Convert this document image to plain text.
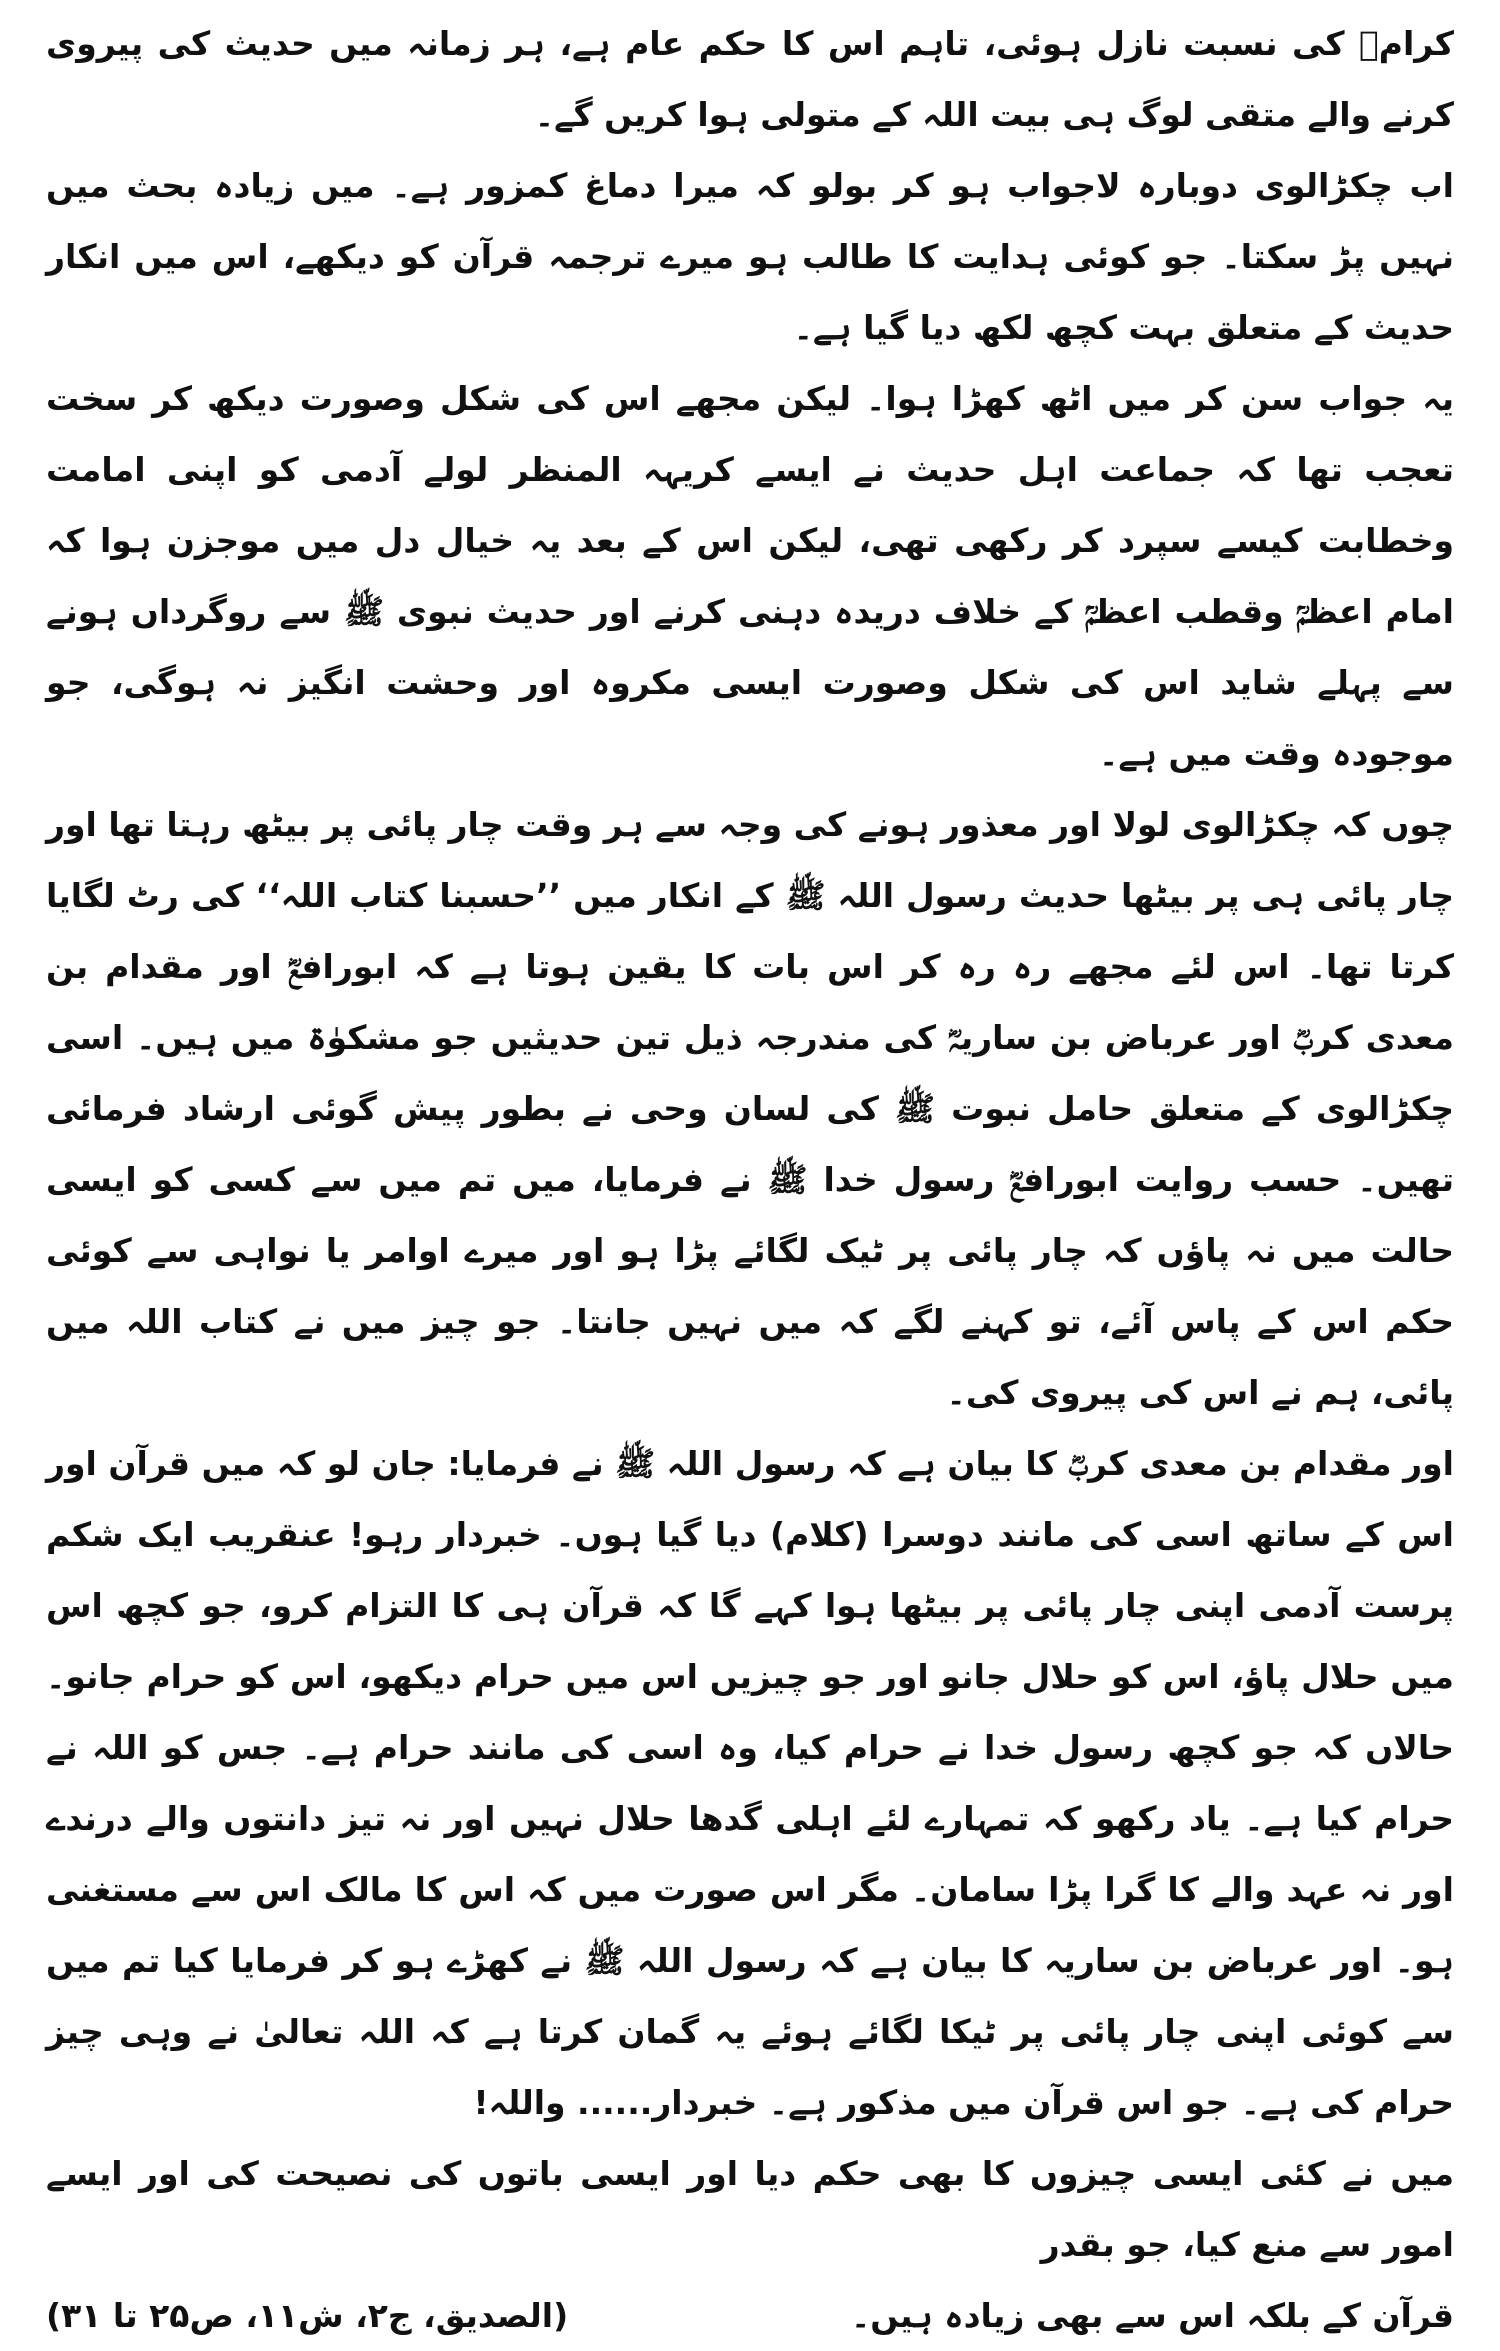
کرامؓ کی نسبت نازل ہوئی، تاہم اس کا حکم عام ہے، ہر زمانہ میں حدیث کی پیروی کرنے والے متقی لوگ ہی بیت اللہ کے متولی ہوا کریں گے۔

اب چکڑالوی دوبارہ لاجواب ہو کر بولو کہ میرا دماغ کمزور ہے۔ میں زیادہ بحث میں نہیں پڑ سکتا۔ جو کوئی ہدایت کا طالب ہو میرے ترجمہ قرآن کو دیکھے، اس میں انکار حدیث کے متعلق بہت کچھ لکھ دیا گیا ہے۔

یہ جواب سن کر میں اٹھ کھڑا ہوا۔ لیکن مجھے اس کی شکل وصورت دیکھ کر سخت تعجب تھا کہ جماعت اہل حدیث نے ایسے کریہہ المنظر لولے آدمی کو اپنی امامت وخطابت کیسے سپرد کر رکھی تھی، لیکن اس کے بعد یہ خیال دل میں موجزن ہوا کہ امام اعظمؒ وقطب اعظمؒ کے خلاف دریدہ دہنی کرنے اور حدیث نبوی ﷺ سے روگرداں ہونے سے پہلے شاید اس کی شکل وصورت ایسی مکروہ اور وحشت انگیز نہ ہوگی، جو موجودہ وقت میں ہے۔

چوں کہ چکڑالوی لولا اور معذور ہونے کی وجہ سے ہر وقت چار پائی پر بیٹھ رہتا تھا اور چار پائی ہی پر بیٹھا حدیث رسول اللہ ﷺ کے انکار میں ’’حسبنا کتاب اللہ‘‘ کی رٹ لگایا کرتا تھا۔ اس لئے مجھے رہ رہ کر اس بات کا یقین ہوتا ہے کہ ابورافعؓ اور مقدام بن معدی کربؓ اور عرباض بن ساریہؓ کی مندرجہ ذیل تین حدیثیں جو مشکوٰۃ میں ہیں۔ اسی چکڑالوی کے متعلق حامل نبوت ﷺ کی لسان وحی نے بطور پیش گوئی ارشاد فرمائی تھیں۔ حسب روایت ابورافعؓ رسول خدا ﷺ نے فرمایا، میں تم میں سے کسی کو ایسی حالت میں نہ پاؤں کہ چار پائی پر ٹیک لگائے پڑا ہو اور میرے اوامر یا نواہی سے کوئی حکم اس کے پاس آئے، تو کہنے لگے کہ میں نہیں جانتا۔ جو چیز میں نے کتاب اللہ میں پائی، ہم نے اس کی پیروی کی۔

اور مقدام بن معدی کربؓ کا بیان ہے کہ رسول اللہ ﷺ نے فرمایا: جان لو کہ میں قرآن اور اس کے ساتھ اسی کی مانند دوسرا (کلام) دیا گیا ہوں۔ خبردار رہو! عنقریب ایک شکم پرست آدمی اپنی چار پائی پر بیٹھا ہوا کہے گا کہ قرآن ہی کا التزام کرو، جو کچھ اس میں حلال پاؤ، اس کو حلال جانو اور جو چیزیں اس میں حرام دیکھو، اس کو حرام جانو۔ حالاں کہ جو کچھ رسول خدا نے حرام کیا، وہ اسی کی مانند حرام ہے۔ جس کو اللہ نے حرام کیا ہے۔ یاد رکھو کہ تمہارے لئے اہلی گدھا حلال نہیں اور نہ تیز دانتوں والے درندے اور نہ عہد والے کا گرا پڑا سامان۔ مگر اس صورت میں کہ اس کا مالک اس سے مستغنی ہو۔ اور عرباض بن ساریہ کا بیان ہے کہ رسول اللہ ﷺ نے کھڑے ہو کر فرمایا کیا تم میں سے کوئی اپنی چار پائی پر ٹیکا لگائے ہوئے یہ گمان کرتا ہے کہ اللہ تعالیٰ نے وہی چیز حرام کی ہے۔ جو اس قرآن میں مذکور ہے۔ خبردار...... واللہ!

میں نے کئی ایسی چیزوں کا بھی حکم دیا اور ایسی باتوں کی نصیحت کی اور ایسے امور سے منع کیا، جو بقدر

قرآن کے بلکہ اس سے بھی زیادہ ہیں۔
(الصدیق، ج۲، ش۱۱، ص۲۵ تا ۳۱)
